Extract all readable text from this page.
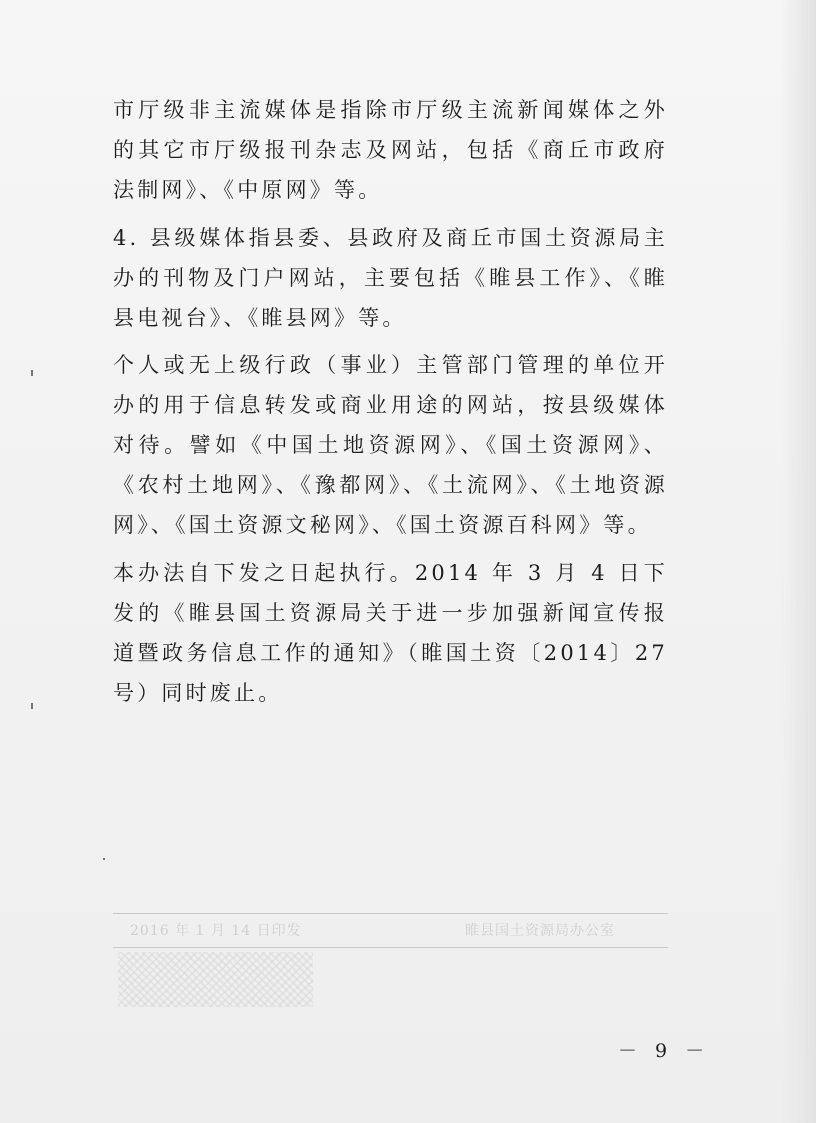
市厅级非主流媒体是指除市厅级主流新闻媒体之外的其它市厅级报刊杂志及网站，包括《商丘市政府法制网》、《中原网》等。

4. 县级媒体指县委、县政府及商丘市国土资源局主办的刊物及门户网站，主要包括《睢县工作》、《睢县电视台》、《睢县网》等。

个人或无上级行政（事业）主管部门管理的单位开办的用于信息转发或商业用途的网站，按县级媒体对待。譬如《中国土地资源网》、《国土资源网》、《农村土地网》、《豫都网》、《土流网》、《土地资源网》、《国土资源文秘网》、《国土资源百科网》等。

本办法自下发之日起执行。2014 年 3 月 4 日下发的《睢县国土资源局关于进一步加强新闻宣传报道暨政务信息工作的通知》（睢国土资〔2014〕27 号）同时废止。

2016 年 1 月 14 日印发	睢县国土资源局办公室
－ 9 －
